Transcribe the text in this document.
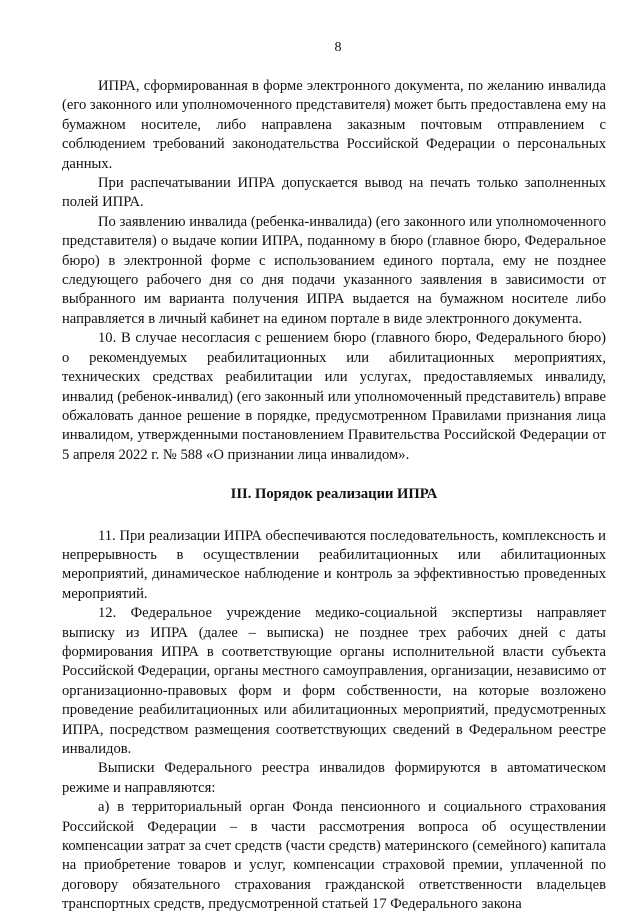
8

ИПРА, сформированная в форме электронного документа, по желанию инвалида (его законного или уполномоченного представителя) может быть предоставлена ему на бумажном носителе, либо направлена заказным почтовым отправлением с соблюдением требований законодательства Российской Федерации о персональных данных.

При распечатывании ИПРА допускается вывод на печать только заполненных полей ИПРА.

По заявлению инвалида (ребенка-инвалида) (его законного или уполномоченного представителя) о выдаче копии ИПРА, поданному в бюро (главное бюро, Федеральное бюро) в электронной форме с использованием единого портала, ему не позднее следующего рабочего дня со дня подачи указанного заявления в зависимости от выбранного им варианта получения ИПРА выдается на бумажном носителе либо направляется в личный кабинет на едином портале в виде электронного документа.

10. В случае несогласия с решением бюро (главного бюро, Федерального бюро) о рекомендуемых реабилитационных или абилитационных мероприятиях, технических средствах реабилитации или услугах, предоставляемых инвалиду, инвалид (ребенок-инвалид) (его законный или уполномоченный представитель) вправе обжаловать данное решение в порядке, предусмотренном Правилами признания лица инвалидом, утвержденными постановлением Правительства Российской Федерации от 5 апреля 2022 г. № 588 «О признании лица инвалидом».

III. Порядок реализации ИПРА

11. При реализации ИПРА обеспечиваются последовательность, комплексность и непрерывность в осуществлении реабилитационных или абилитационных мероприятий, динамическое наблюдение и контроль за эффективностью проведенных мероприятий.

12. Федеральное учреждение медико-социальной экспертизы направляет выписку из ИПРА (далее – выписка) не позднее трех рабочих дней с даты формирования ИПРА в соответствующие органы исполнительной власти субъекта Российской Федерации, органы местного самоуправления, организации, независимо от организационно-правовых форм и форм собственности, на которые возложено проведение реабилитационных или абилитационных мероприятий, предусмотренных ИПРА, посредством размещения соответствующих сведений в Федеральном реестре инвалидов.

Выписки Федерального реестра инвалидов формируются в автоматическом режиме и направляются:

а) в территориальный орган Фонда пенсионного и социального страхования Российской Федерации – в части рассмотрения вопроса об осуществлении компенсации затрат за счет средств (части средств) материнского (семейного) капитала на приобретение товаров и услуг, компенсации страховой премии, уплаченной по договору обязательного страхования гражданской ответственности владельцев транспортных средств, предусмотренной статьей 17 Федерального закона
